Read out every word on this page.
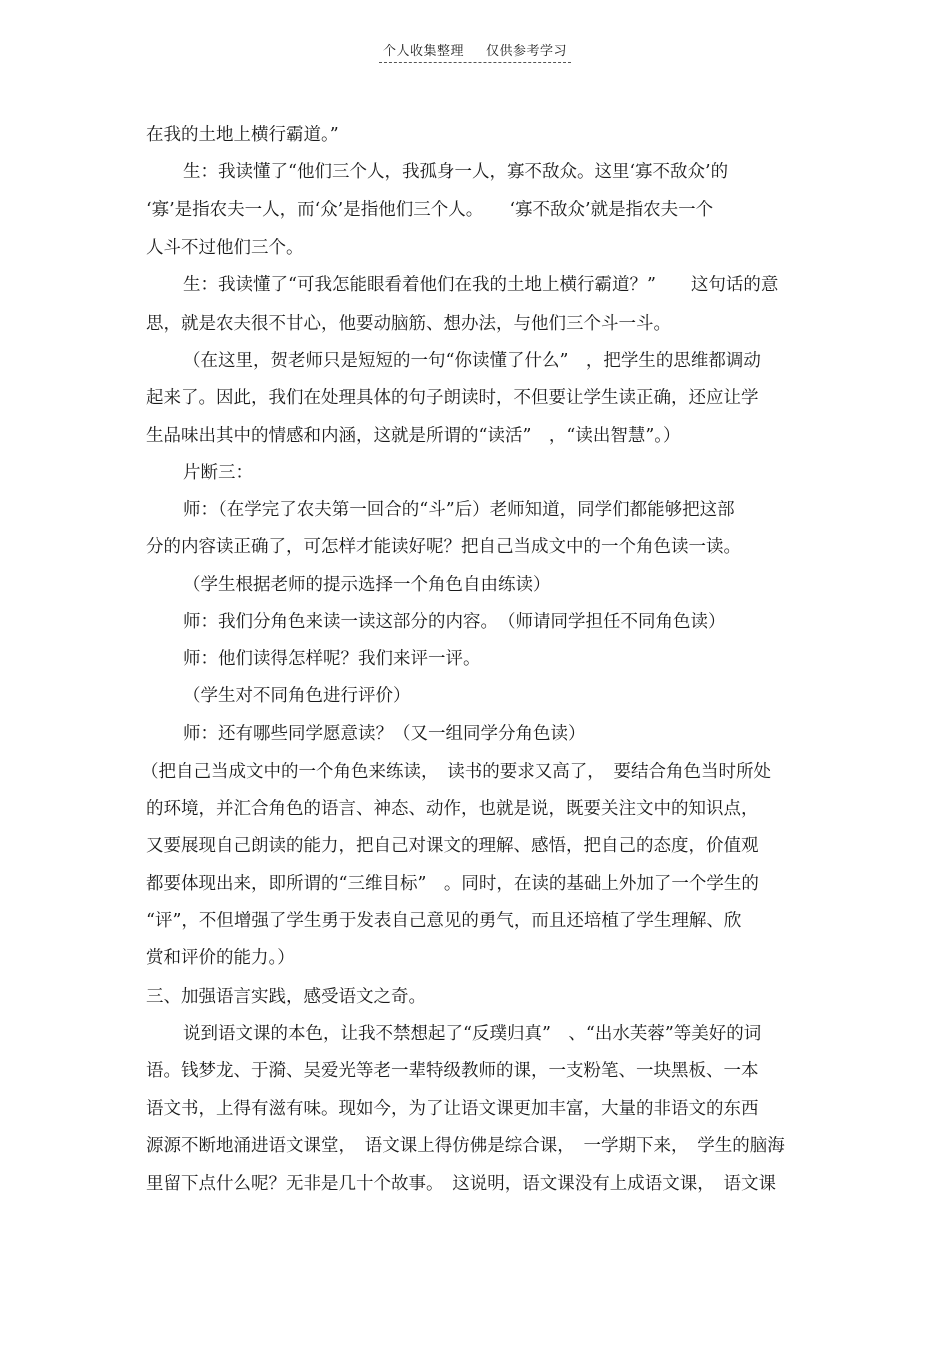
个人收集整理 仅供参考学习
在我的土地上横行霸道。”
生：我读懂了“他们三个人，我孤身一人，寡不敌众。这里‘寡不敌众’的
‘寡’是指农夫一人，而‘众’是指他们三个人。　　‘寡不敌众’就是指农夫一个
人斗不过他们三个。
生：我读懂了“可我怎能眼看着他们在我的土地上横行霸道？”　　这句话的意
思，就是农夫很不甘心，他要动脑筋、想办法，与他们三个斗一斗。
（在这里，贺老师只是短短的一句“你读懂了什么”　，把学生的思维都调动
起来了。因此，我们在处理具体的句子朗读时，不但要让学生读正确，还应让学
生品味出其中的情感和内涵，这就是所谓的“读活”　，“读出智慧”。）
片断三：
师：（在学完了农夫第一回合的“斗”后）老师知道，同学们都能够把这部
分的内容读正确了，可怎样才能读好呢？把自己当成文中的一个角色读一读。
（学生根据老师的提示选择一个角色自由练读）
师：我们分角色来读一读这部分的内容。　（师请同学担任不同角色读）
师：他们读得怎样呢？我们来评一评。
（学生对不同角色进行评价）
师：还有哪些同学愿意读？（又一组同学分角色读）
（把自己当成文中的一个角色来练读，　读书的要求又高了，　要结合角色当时所处
的环境，并汇合角色的语言、神态、动作，也就是说，既要关注文中的知识点，
又要展现自己朗读的能力，把自己对课文的理解、感悟，把自己的态度，价值观
都要体现出来，即所谓的“三维目标”　。同时，在读的基础上外加了一个学生的
“评”，不但增强了学生勇于发表自己意见的勇气，而且还培植了学生理解、欣
赏和评价的能力。）
三、加强语言实践，感受语文之奇。
说到语文课的本色，让我不禁想起了“反璞归真”　、“出水芙蓉”等美好的词
语。钱梦龙、于漪、吴爱光等老一辈特级教师的课，一支粉笔、一块黑板、一本
语文书，上得有滋有味。现如今，为了让语文课更加丰富，大量的非语文的东西
源源不断地涌进语文课堂，　语文课上得仿佛是综合课，　一学期下来，　学生的脑海
里留下点什么呢？无非是几十个故事。　这说明，语文课没有上成语文课，　语文课
